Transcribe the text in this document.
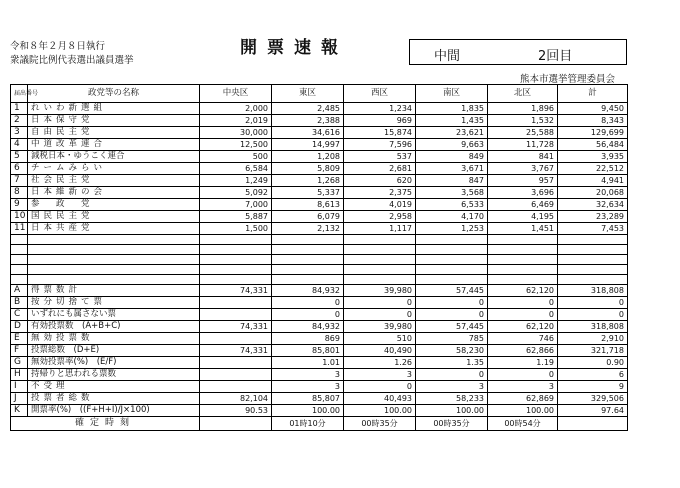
令和８年２月８日執行
衆議院比例代表選出議員選挙
開票速報	中間	2回目
熊本市選挙管理委員会
届出番号	政党等の名称	中央区	東区	西区	南区	北区	計
1	れいわ新選組	2,000	2,485	1,234	1,835	1,896	9,450
2	日本保守党	2,019	2,388	969	1,435	1,532	8,343
3	自由民主党	30,000	34,616	15,874	23,621	25,588	129,699
4	中道改革連合	12,500	14,997	7,596	9,663	11,728	56,484
5	減税日本・ゆうこく連合	500	1,208	537	849	841	3,935
6	チームみらい	6,584	5,809	2,681	3,671	3,767	22,512
7	社会民主党	1,249	1,268	620	847	957	4,941
8	日本維新の会	5,092	5,337	2,375	3,568	3,696	20,068
9	参　政　党	7,000	8,613	4,019	6,533	6,469	32,634
10	国民民主党	5,887	6,079	2,958	4,170	4,195	23,289
11	日本共産党	1,500	2,132	1,117	1,253	1,451	7,453

A	得票数計	74,331	84,932	39,980	57,445	62,120	318,808
B	按分切捨て票		0	0	0	0	0
C	いずれにも属さない票		0	0	0	0	0
D	有効投票数　(A+B+C)	74,331	84,932	39,980	57,445	62,120	318,808
E	無効投票数		869	510	785	746	2,910
F	投票総数　(D+E)	74,331	85,801	40,490	58,230	62,866	321,718
G	無効投票率(%)　(E/F)		1.01	1.26	1.35	1.19	0.90
H	持帰りと思われる票数		3	3	0	0	6
I	不受理		3	0	3	3	9
J	投票者総数	82,104	85,807	40,493	58,233	62,869	329,506
K	開票率(%)　((F+H+I)/J×100)	90.53	100.00	100.00	100.00	100.00	97.64
確定時刻			01時10分	00時35分	00時35分	00時54分	
